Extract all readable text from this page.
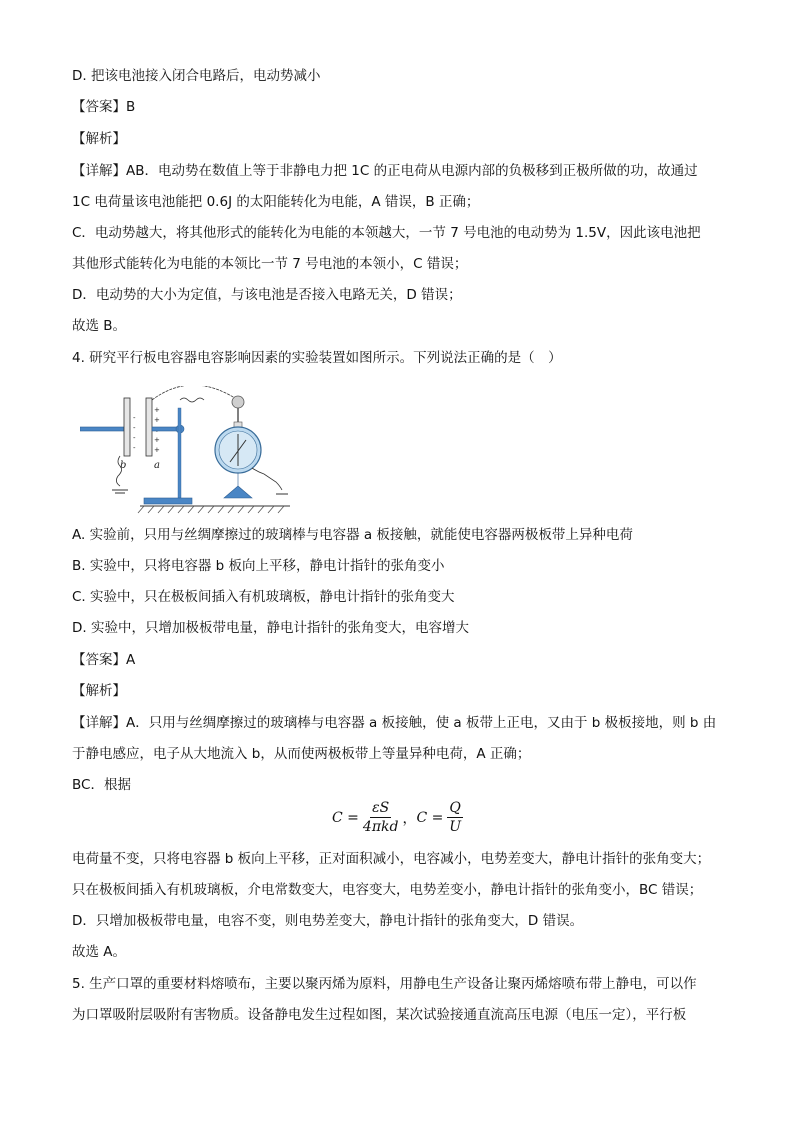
D. 把该电池接入闭合电路后，电动势减小
【答案】B
【解析】
【详解】AB．电动势在数值上等于非静电力把 1C 的正电荷从电源内部的负极移到正极所做的功，故通过
1C 电荷量该电池能把 0.6J 的太阳能转化为电能，A 错误，B 正确；
C．电动势越大，将其他形式的能转化为电能的本领越大，一节 7 号电池的电动势为 1.5V，因此该电池把
其他形式能转化为电能的本领比一节 7 号电池的本领小，C 错误；
D．电动势的大小为定值，与该电池是否接入电路无关，D 错误；
故选 B。
4. 研究平行板电容器电容影响因素的实验装置如图所示。下列说法正确的是（　）
-
-
-
-
+
+
+
+
b	a
A. 实验前，只用与丝绸摩擦过的玻璃棒与电容器 a 板接触，就能使电容器两极板带上异种电荷
B. 实验中，只将电容器 b 板向上平移，静电计指针的张角变小
C. 实验中，只在极板间插入有机玻璃板，静电计指针的张角变大
D. 实验中，只增加极板带电量，静电计指针的张角变大，电容增大
【答案】A
【解析】
【详解】A．只用与丝绸摩擦过的玻璃棒与电容器 a 板接触，使 a 板带上正电，又由于 b 极板接地，则 b 由
于静电感应，电子从大地流入 b，从而使两极板带上等量异种电荷，A 正确；
BC．根据
$C = \frac{\varepsilon S}{\text{4πkd}}$ ， $C = \frac{Q}{U}$
电荷量不变，只将电容器 b 板向上平移，正对面积减小，电容减小，电势差变大，静电计指针的张角变大；
只在极板间插入有机玻璃板，介电常数变大，电容变大，电势差变小，静电计指针的张角变小，BC 错误；
D．只增加极板带电量，电容不变，则电势差变大，静电计指针的张角变大，D 错误。
故选 A。
5. 生产口罩的重要材料熔喷布，主要以聚丙烯为原料，用静电生产设备让聚丙烯熔喷布带上静电，可以作
为口罩吸附层吸附有害物质。设备静电发生过程如图，某次试验接通直流高压电源（电压一定），平行板
